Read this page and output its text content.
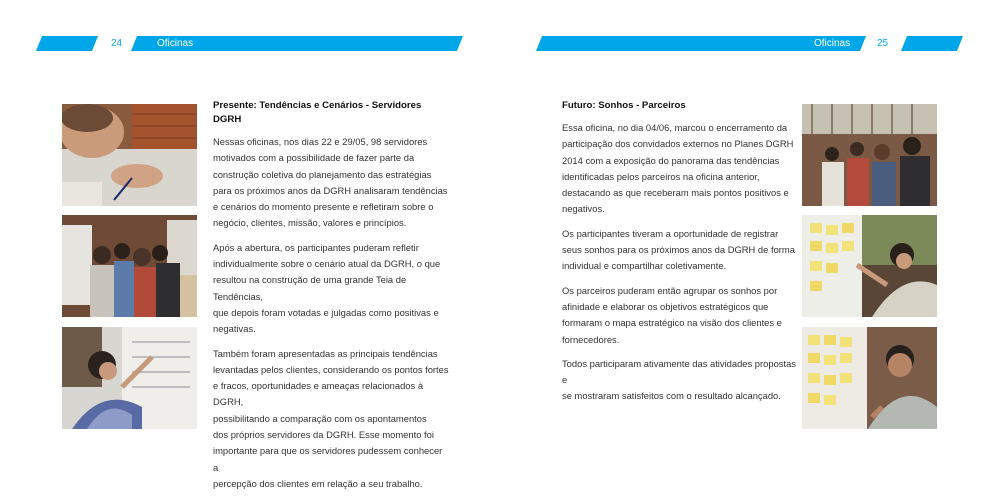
24	Oficinas	Oficinas	25
Presente: Tendências e Cenários - Servidores DGRH

Nessas oficinas, nos dias 22 e 29/05, 98 servidores
motivados com a possibilidade de fazer parte da
construção coletiva do planejamento das estratégias
para os próximos anos da DGRH analisaram tendências
e cenários do momento presente e refletiram sobre o
negócio, clientes, missão, valores e princípios.

Após a abertura, os participantes puderam refletir
individualmente sobre o cenário atual da DGRH, o que
resultou na construção de uma grande Teia de Tendências,
que depois foram votadas e julgadas como positivas e
negativas.

Também foram apresentadas as principais tendências
levantadas pelos clientes, considerando os pontos fortes
e fracos, oportunidades e ameaças relacionados à DGRH,
possibilitando a comparação com os apontamentos
dos próprios servidores da DGRH. Esse momento foi
importante para que os servidores pudessem conhecer a
percepção dos clientes em relação a seu trabalho.

Futuro: Sonhos - Parceiros

Essa oficina, no dia 04/06, marcou o encerramento da
participação dos convidados externos no Planes DGRH
2014 com a exposição do panorama das tendências
identificadas pelos parceiros na oficina anterior,
destacando as que receberam mais pontos positivos e
negativos.

Os participantes tiveram a oportunidade de registrar
seus sonhos para os próximos anos da DGRH de forma
individual e compartilhar coletivamente.

Os parceiros puderam então agrupar os sonhos por
afinidade e elaborar os objetivos estratégicos que
formaram o mapa estratégico na visão dos clientes e
fornecedores.

Todos participaram ativamente das atividades propostas e
se mostraram satisfeitos com o resultado alcançado.
